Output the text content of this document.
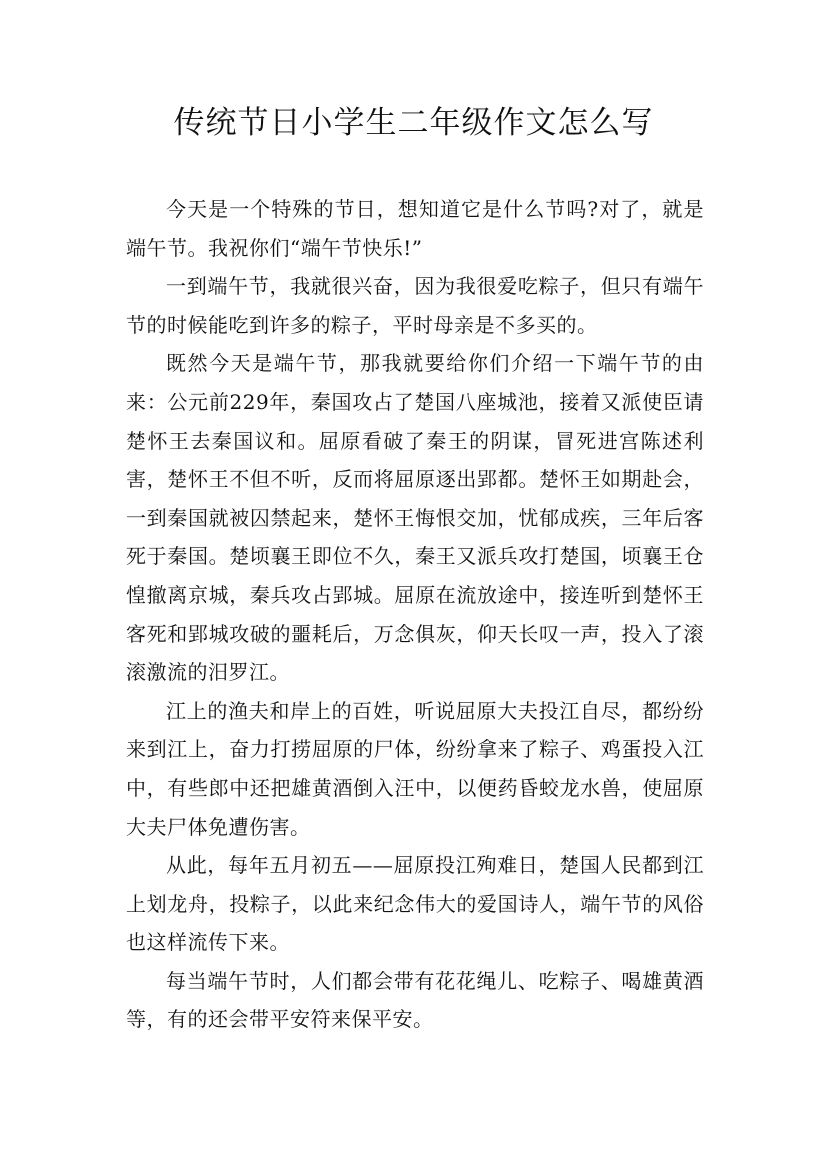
传统节日小学生二年级作文怎么写

今天是一个特殊的节日，想知道它是什么节吗?对了，就是端午节。我祝你们“端午节快乐!”

一到端午节，我就很兴奋，因为我很爱吃粽子，但只有端午节的时候能吃到许多的粽子，平时母亲是不多买的。

既然今天是端午节，那我就要给你们介绍一下端午节的由来：公元前229年，秦国攻占了楚国八座城池，接着又派使臣请楚怀王去秦国议和。屈原看破了秦王的阴谋，冒死进宫陈述利害，楚怀王不但不听，反而将屈原逐出郢都。楚怀王如期赴会，一到秦国就被囚禁起来，楚怀王悔恨交加，忧郁成疾，三年后客死于秦国。楚顷襄王即位不久，秦王又派兵攻打楚国，顷襄王仓惶撤离京城，秦兵攻占郢城。屈原在流放途中，接连听到楚怀王客死和郢城攻破的噩耗后，万念俱灰，仰天长叹一声，投入了滚滚激流的汨罗江。

江上的渔夫和岸上的百姓，听说屈原大夫投江自尽，都纷纷来到江上，奋力打捞屈原的尸体，纷纷拿来了粽子、鸡蛋投入江中，有些郎中还把雄黄酒倒入汪中，以便药昏蛟龙水兽，使屈原大夫尸体免遭伤害。

从此，每年五月初五——屈原投江殉难日，楚国人民都到江上划龙舟，投粽子，以此来纪念伟大的爱国诗人，端午节的风俗也这样流传下来。

每当端午节时，人们都会带有花花绳儿、吃粽子、喝雄黄酒等，有的还会带平安符来保平安。
